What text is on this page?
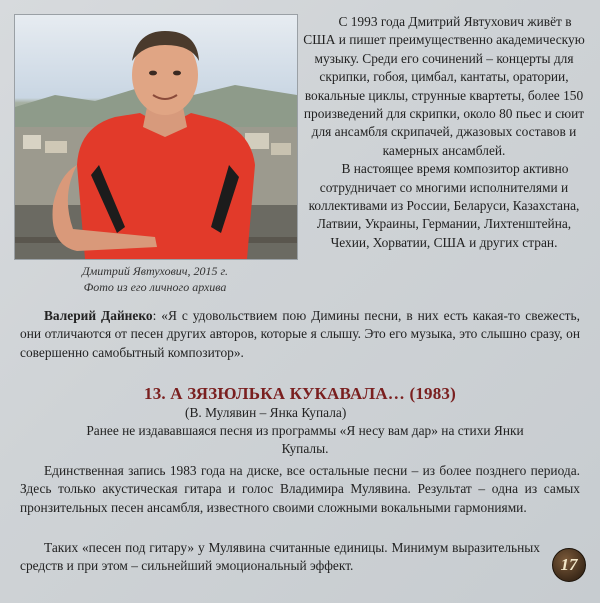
Дмитрий Явтухович, 2015 г.
Фото из его личного архива

С 1993 года Дмитрий Явтухович живёт в США и пишет преимущественно академическую музыку. Среди его сочинений – концерты для скрипки, гобоя, цимбал, кантаты, оратории, вокальные циклы, струнные квартеты, более 150 произведений для скрипки, около 80 пьес и сюит для ансамбля скрипачей, джазовых составов и камерных ансамблей.

В настоящее время композитор активно сотрудничает со многими исполнителями и коллективами из России, Беларуси, Казахстана, Латвии, Украины, Германии, Лихтенштейна, Чехии, Хорватии, США и других стран.

Валерий Дайнеко: «Я с удовольствием пою Димины песни, в них есть какая-то свежесть, они отличаются от песен других авторов, которые я слышу. Это его музыка, это слышно сразу, он совершенно самобытный композитор».

13. А ЗЯЗЮЛЬКА КУКАВАЛА… (1983)
(В. Мулявин – Янка Купала)
Ранее не издававшаяся песня из программы «Я несу вам дар» на стихи Янки Купалы.

Единственная запись 1983 года на диске, все остальные песни – из более позднего периода. Здесь только акустическая гитара и голос Владимира Мулявина. Результат – одна из самых пронзительных песен ансамбля, известного своими сложными вокальными гармониями.

Таких «песен под гитару» у Мулявина считанные единицы. Минимум выразительных средств и при этом – сильнейший эмоциональный эффект.	17
